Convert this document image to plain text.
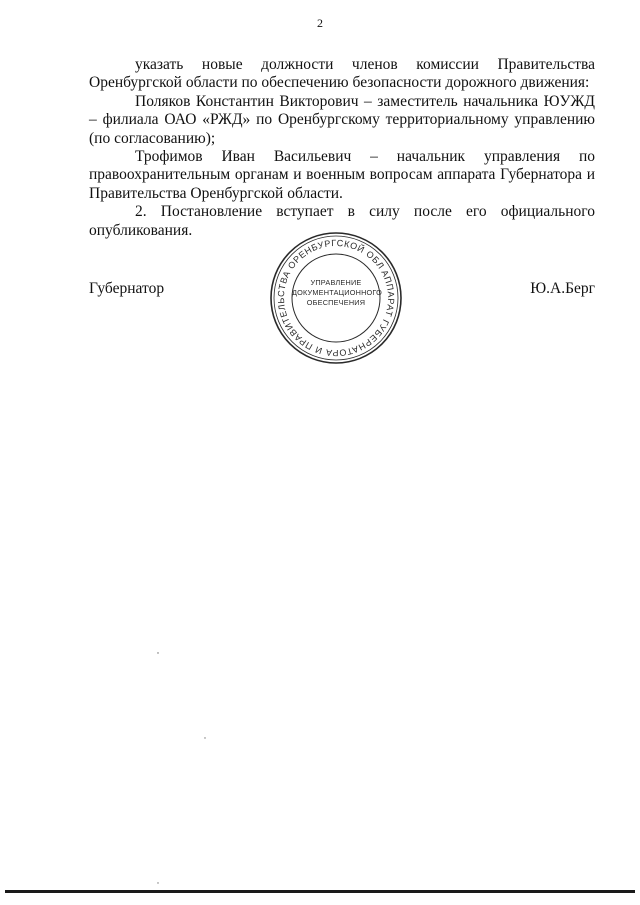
2

указать новые должности членов комиссии Правительства Оренбургской области по обеспечению безопасности дорожного движения:

Поляков Константин Викторович – заместитель начальника ЮУЖД – филиала ОАО «РЖД» по Оренбургскому территориальному управлению (по согласованию);

Трофимов Иван Васильевич – начальник управления по правоохранительным органам и военным вопросам аппарата Губернатора и Правительства Оренбургской области.

2. Постановление вступает в силу после его официального опубликования.

Губернатор	Ю.А.Берг
АППАРАТ ГУБЕРНАТОРА И ПРАВИТЕЛЬСТВА ОРЕНБУРГСКОЙ ОБЛ
УПРАВЛЕНИЕ
ДОКУМЕНТАЦИОННОГО
ОБЕСПЕЧЕНИЯ
